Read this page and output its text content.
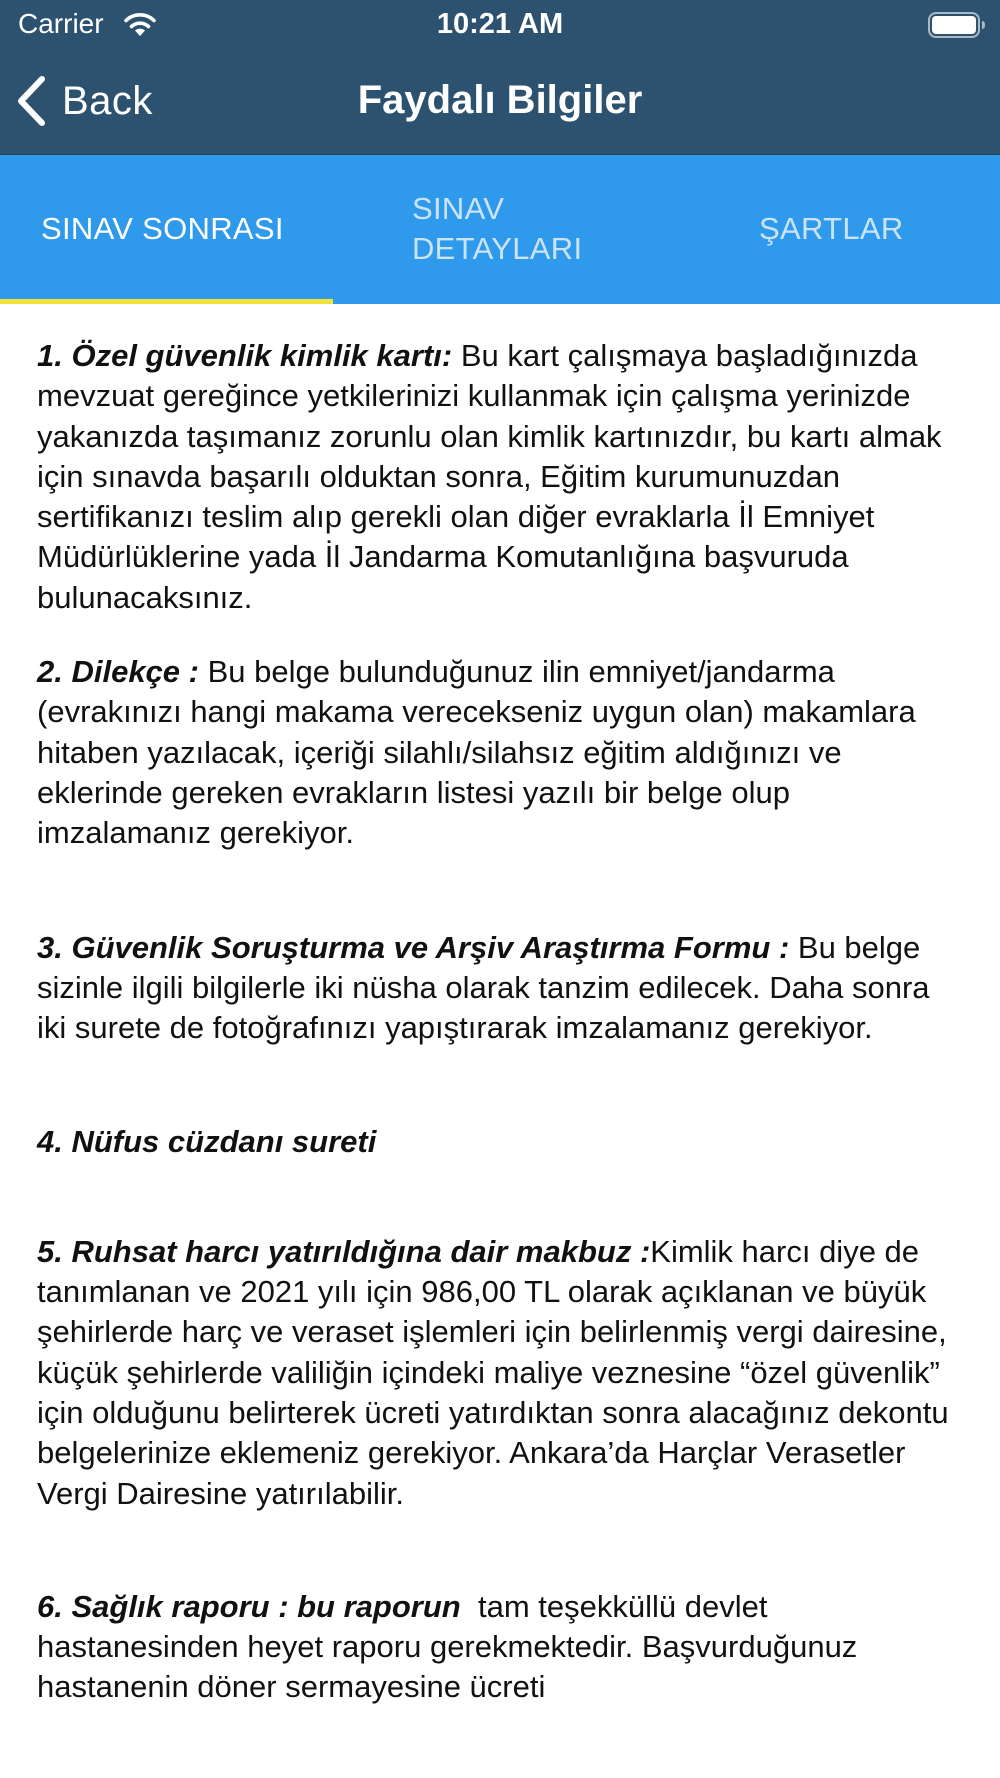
Carrier	10:21 AM
Back	Faydalı Bilgiler
SINAV SONRASI
SINAV
DETAYLARI
ŞARTLAR

1. Özel güvenlik kimlik kartı: Bu kart çalışmaya başladığınızda mevzuat gereğince yetkilerinizi kullanmak için çalışma yerinizde yakanızda taşımanız zorunlu olan kimlik kartınızdır, bu kartı almak için sınavda başarılı olduktan sonra, Eğitim kurumunuzdan sertifikanızı teslim alıp gerekli olan diğer evraklarla İl Emniyet Müdürlüklerine yada İl Jandarma Komutanlığına başvuruda bulunacaksınız.

2. Dilekçe : Bu belge bulunduğunuz ilin emniyet/jandarma (evrakınızı hangi makama verecekseniz uygun olan) makamlara hitaben yazılacak, içeriği silahlı/silahsız eğitim aldığınızı ve eklerinde gereken evrakların listesi yazılı bir belge olup imzalamanız gerekiyor.

3. Güvenlik Soruşturma ve Arşiv Araştırma Formu : Bu belge sizinle ilgili bilgilerle iki nüsha olarak tanzim edilecek. Daha sonra iki surete de fotoğrafınızı yapıştırarak imzalamanız gerekiyor.

4. Nüfus cüzdanı sureti

5. Ruhsat harcı yatırıldığına dair makbuz :Kimlik harcı diye de tanımlanan ve 2021 yılı için 986,00 TL olarak açıklanan ve büyük şehirlerde harç ve veraset işlemleri için belirlenmiş vergi dairesine, küçük şehirlerde valiliğin içindeki maliye veznesine “özel güvenlik” için olduğunu belirterek ücreti yatırdıktan sonra alacağınız dekontu belgelerinize eklemeniz gerekiyor. Ankara’da Harçlar Verasetler Vergi Dairesine yatırılabilir.

6. Sağlık raporu : bu raporun  tam teşekküllü devlet hastanesinden heyet raporu gerekmektedir. Başvurduğunuz hastanenin döner sermayesine ücreti
